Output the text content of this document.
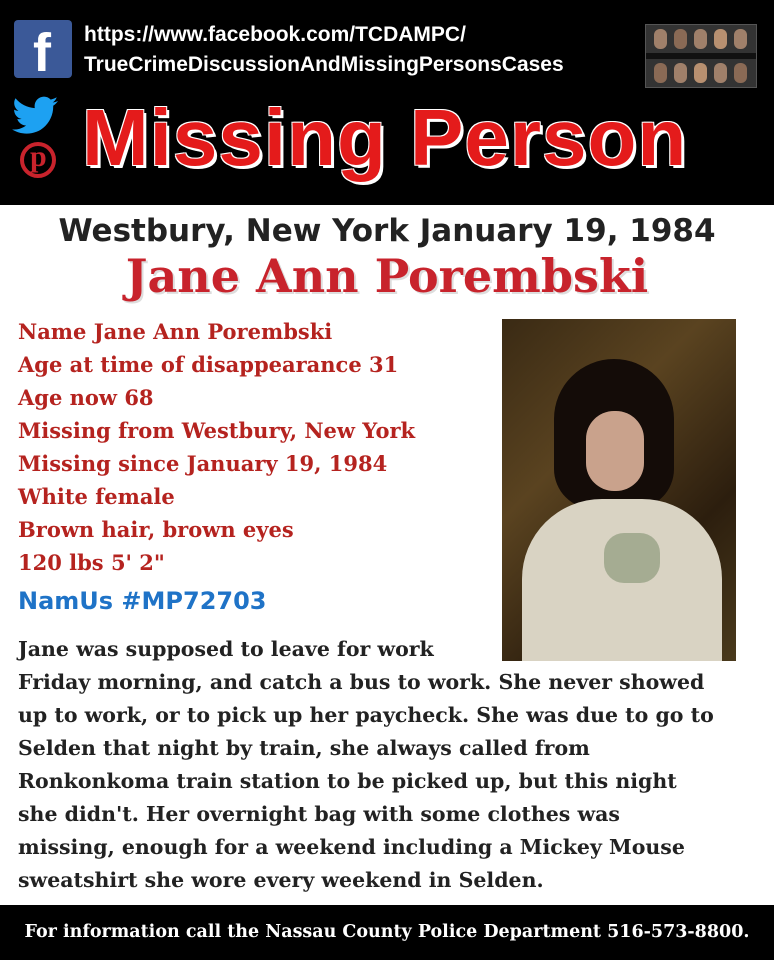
f https://www.facebook.com/TCDAMPC/
TrueCrimeDiscussionAndMissingPersonsCases
p Missing Person
Westbury, New York January 19, 1984
Jane Ann Porembski
Name Jane Ann Porembski
Age at time of disappearance 31
Age now 68
Missing from Westbury, New York
Missing since January 19, 1984
White female
Brown hair, brown eyes
120 lbs 5' 2"
NamUs #MP72703
Jane was supposed to leave for work
Friday morning, and catch a bus to work. She never showed
up to work, or to pick up her paycheck. She was due to go to
Selden that night by train, she always called from
Ronkonkoma train station to be picked up, but this night
she didn't. Her overnight bag with some clothes was
missing, enough for a weekend including a Mickey Mouse
sweatshirt she wore every weekend in Selden.
For information call the Nassau County Police Department 516-573-8800.
